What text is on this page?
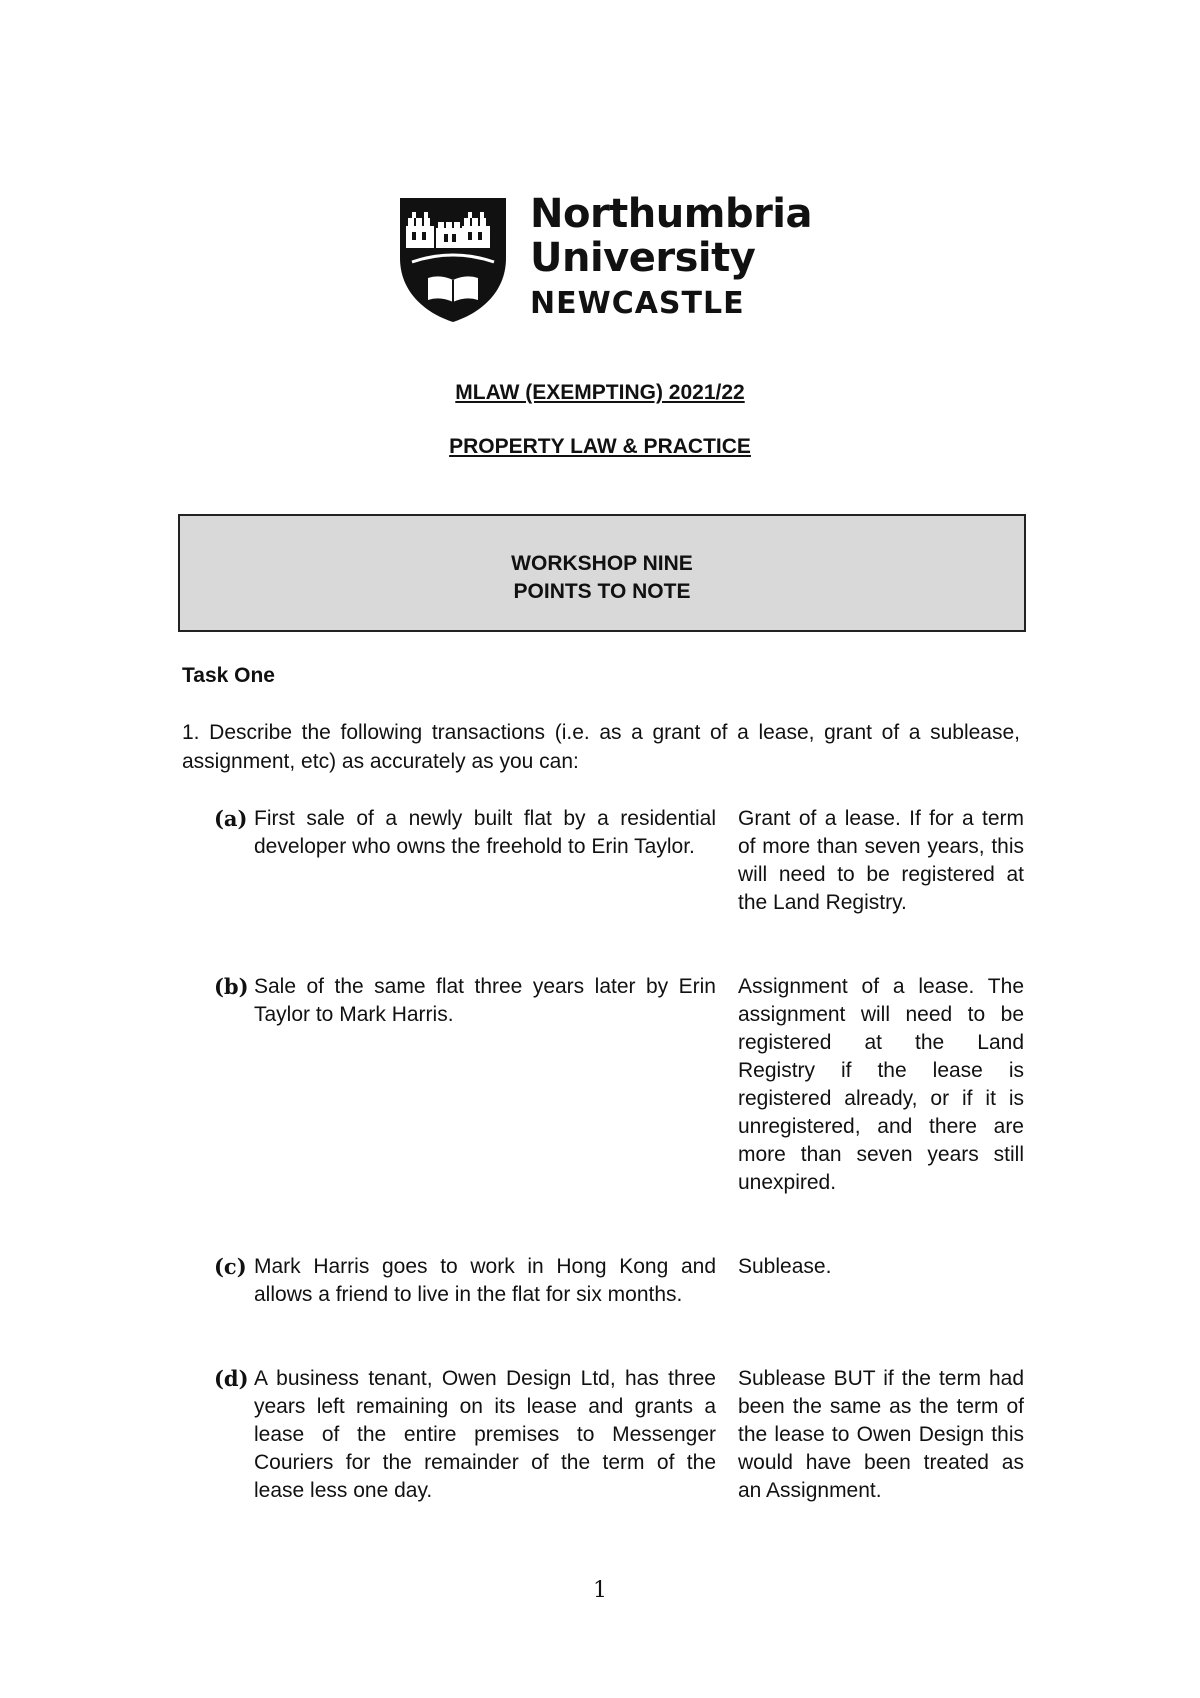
Northumbria
University
NEWCASTLE
MLAW (EXEMPTING) 2021/22
PROPERTY LAW & PRACTICE
WORKSHOP NINE
POINTS TO NOTE
Task One
1. Describe the following transactions (i.e. as a grant of a lease, grant of a sublease, assignment, etc) as accurately as you can:
(a) First sale of a newly built flat by a residential developer who owns the freehold to Erin Taylor.
Grant of a lease. If for a term of more than seven years, this will need to be registered at the Land Registry.
(b) Sale of the same flat three years later by Erin Taylor to Mark Harris.
Assignment of a lease. The assignment will need to be registered at the Land Registry if the lease is registered already, or if it is unregistered, and there are more than seven years still unexpired.
(c) Mark Harris goes to work in Hong Kong and allows a friend to live in the flat for six months.
Sublease.
(d) A business tenant, Owen Design Ltd, has three years left remaining on its lease and grants a lease of the entire premises to Messenger Couriers for the remainder of the term of the lease less one day.
Sublease BUT if the term had been the same as the term of the lease to Owen Design this would have been treated as an Assignment.
1
